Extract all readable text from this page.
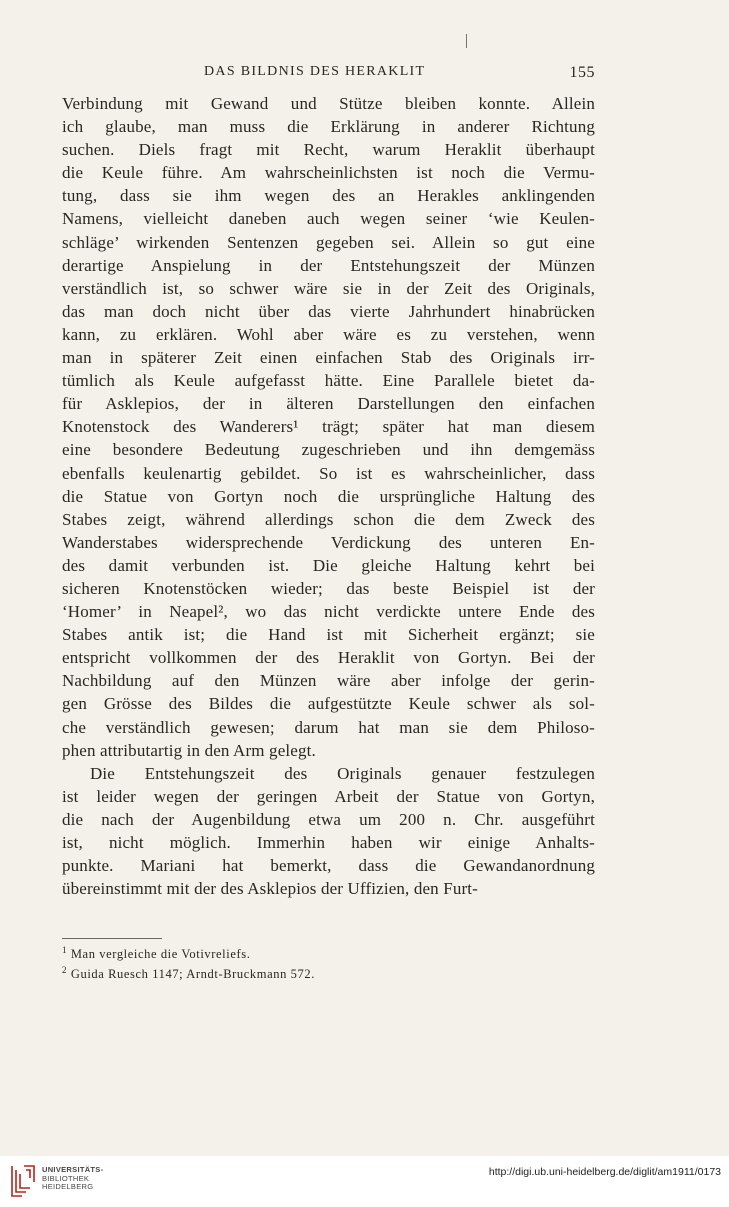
DAS BILDNIS DES HERAKLIT	155
Verbindung mit Gewand und Stütze bleiben konnte. Allein
ich glaube, man muss die Erklärung in anderer Richtung
suchen. Diels fragt mit Recht, warum Heraklit überhaupt
die Keule führe. Am wahrscheinlichsten ist noch die Vermu-
tung, dass sie ihm wegen des an Herakles anklingenden
Namens, vielleicht daneben auch wegen seiner ‘wie Keulen-
schläge’ wirkenden Sentenzen gegeben sei. Allein so gut eine
derartige Anspielung in der Entstehungszeit der Münzen
verständlich ist, so schwer wäre sie in der Zeit des Originals,
das man doch nicht über das vierte Jahrhundert hinabrücken
kann, zu erklären. Wohl aber wäre es zu verstehen, wenn
man in späterer Zeit einen einfachen Stab des Originals irr-
tümlich als Keule aufgefasst hätte. Eine Parallele bietet da-
für Asklepios, der in älteren Darstellungen den einfachen
Knotenstock des Wanderers¹ trägt; später hat man diesem
eine besondere Bedeutung zugeschrieben und ihn demgemäss
ebenfalls keulenartig gebildet. So ist es wahrscheinlicher, dass
die Statue von Gortyn noch die ursprüngliche Haltung des
Stabes zeigt, während allerdings schon die dem Zweck des
Wanderstabes widersprechende Verdickung des unteren En-
des damit verbunden ist. Die gleiche Haltung kehrt bei
sicheren Knotenstöcken wieder; das beste Beispiel ist der
‘Homer’ in Neapel², wo das nicht verdickte untere Ende des
Stabes antik ist; die Hand ist mit Sicherheit ergänzt; sie
entspricht vollkommen der des Heraklit von Gortyn. Bei der
Nachbildung auf den Münzen wäre aber infolge der gerin-
gen Grösse des Bildes die aufgestützte Keule schwer als sol-
che verständlich gewesen; darum hat man sie dem Philoso-
phen attributartig in den Arm gelegt.
Die Entstehungszeit des Originals genauer festzulegen
ist leider wegen der geringen Arbeit der Statue von Gortyn,
die nach der Augenbildung etwa um 200 n. Chr. ausgeführt
ist, nicht möglich. Immerhin haben wir einige Anhalts-
punkte. Mariani hat bemerkt, dass die Gewandanordnung
übereinstimmt mit der des Asklepios der Uffizien, den Furt-
$^1$ Man vergleiche die Votivreliefs.
$^2$ Guida Ruesch 1147; Arndt-Bruckmann 572.
UNIVERSITÄTS-
BIBLIOTHEK
HEIDELBERG
http://digi.ub.uni-heidelberg.de/diglit/am1911/0173
